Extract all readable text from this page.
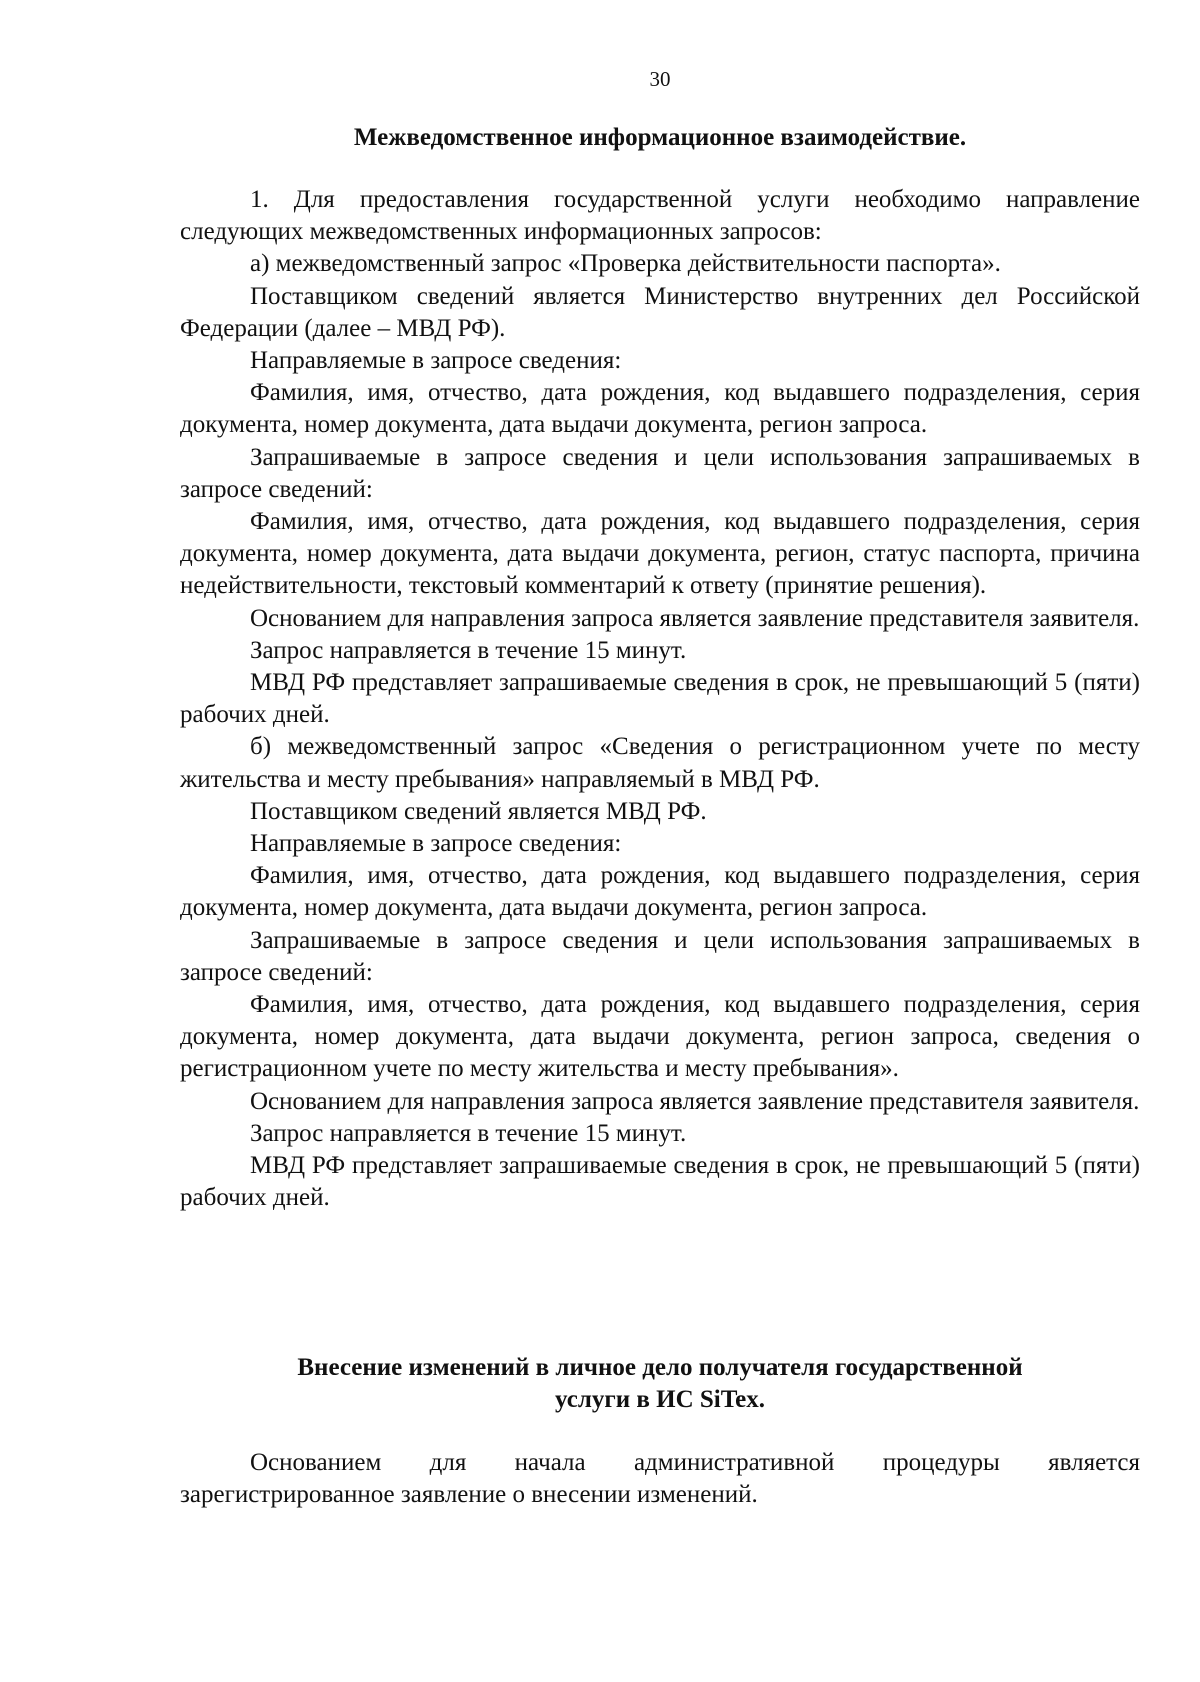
30
Межведомственное информационное взаимодействие.

1. Для предоставления государственной услуги необходимо направление следующих межведомственных информационных запросов:

а) межведомственный запрос «Проверка действительности паспорта».

Поставщиком сведений является Министерство внутренних дел Российской Федерации (далее – МВД РФ).

Направляемые в запросе сведения:

Фамилия, имя, отчество, дата рождения, код выдавшего подразделения, серия документа, номер документа, дата выдачи документа, регион запроса.

Запрашиваемые в запросе сведения и цели использования запрашиваемых в запросе сведений:

Фамилия, имя, отчество, дата рождения, код выдавшего подразделения, серия документа, номер документа, дата выдачи документа, регион, статус паспорта, причина недействительности, текстовый комментарий к ответу (принятие решения).

Основанием для направления запроса является заявление представителя заявителя.

Запрос направляется в течение 15 минут.

МВД РФ представляет запрашиваемые сведения в срок, не превышающий 5 (пяти) рабочих дней.

б) межведомственный запрос «Сведения о регистрационном учете по месту жительства и месту пребывания» направляемый в МВД РФ.

Поставщиком сведений является МВД РФ.

Направляемые в запросе сведения:

Фамилия, имя, отчество, дата рождения, код выдавшего подразделения, серия документа, номер документа, дата выдачи документа, регион запроса.

Запрашиваемые в запросе сведения и цели использования запрашиваемых в запросе сведений:

Фамилия, имя, отчество, дата рождения, код выдавшего подразделения, серия документа, номер документа, дата выдачи документа, регион запроса, сведения о регистрационном учете по месту жительства и месту пребывания».

Основанием для направления запроса является заявление представителя заявителя.

Запрос направляется в течение 15 минут.

МВД РФ представляет запрашиваемые сведения в срок, не превышающий 5 (пяти) рабочих дней.

Внесение изменений в личное дело получателя государственной
услуги в ИС SiTex.

Основанием для начала административной процедуры является зарегистрированное заявление о внесении изменений.
